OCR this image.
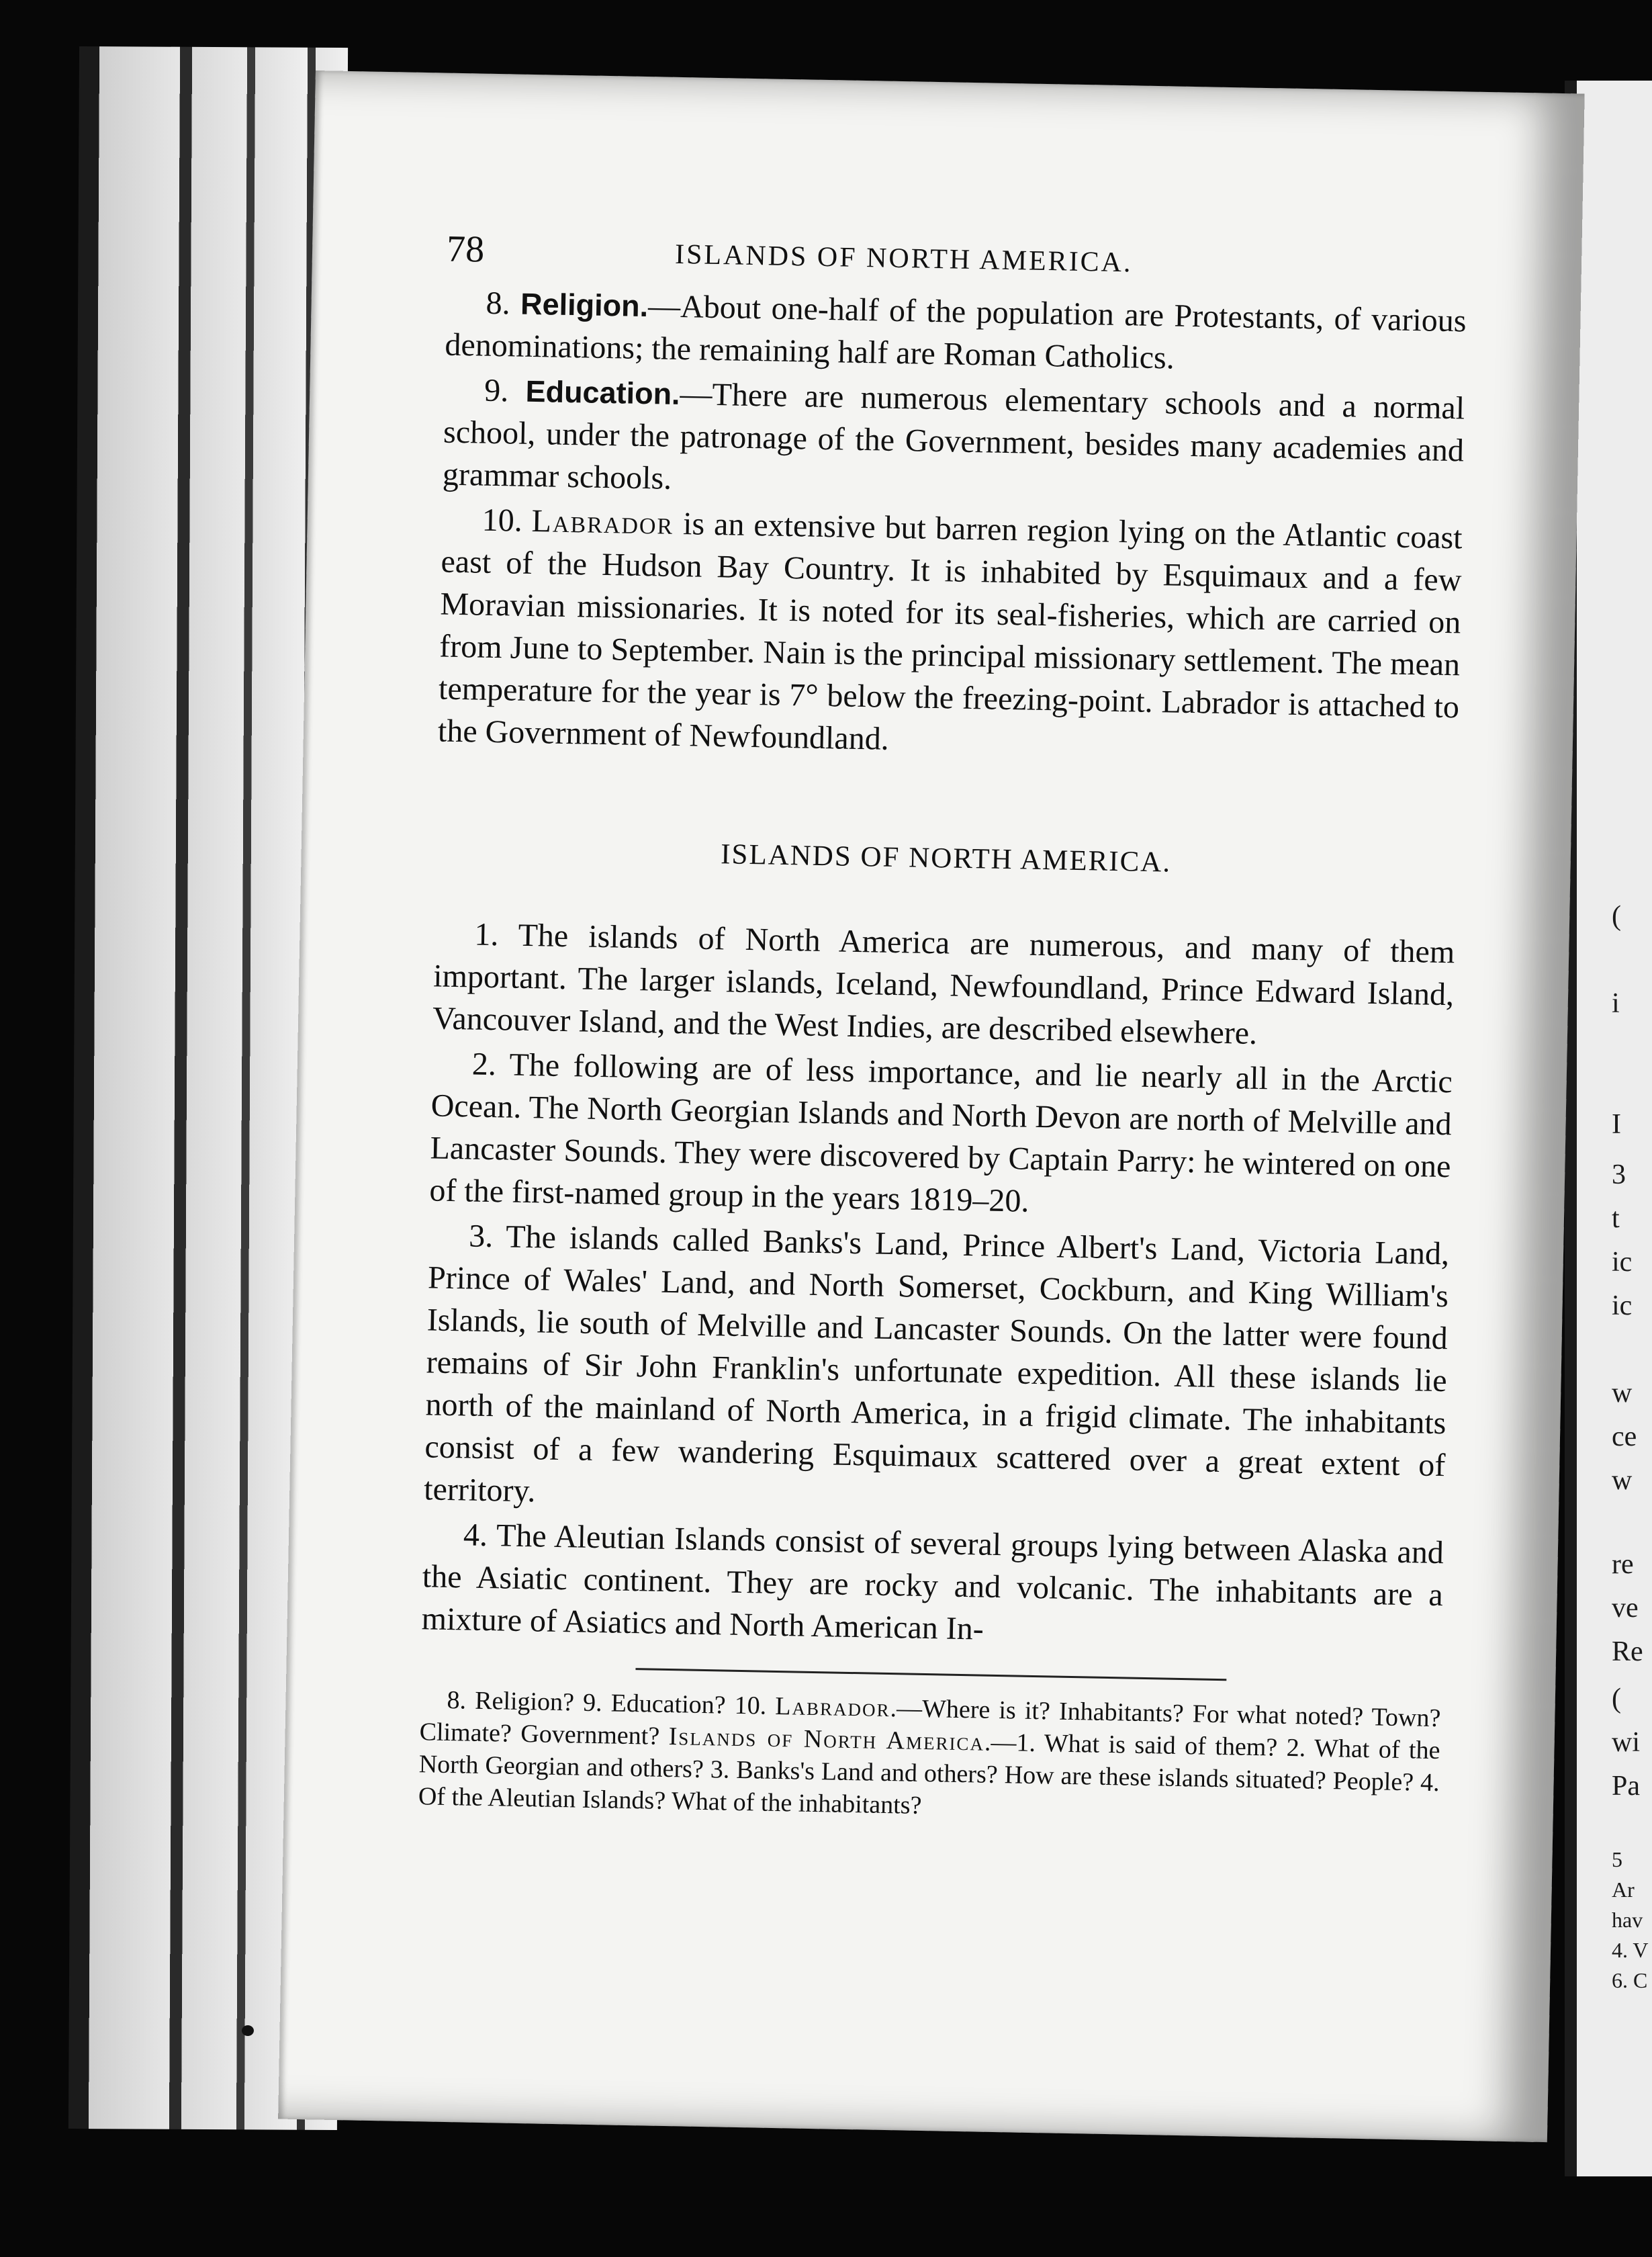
(
i
I
3
t
ic
ic
w
ce
w
re
ve
Re
(
wi
Pa
5
Ar
hav
4. V
6. C
78	ISLANDS OF NORTH AMERICA.

8. Religion.—About one-half of the population are Protestants, of various denominations; the remaining half are Roman Catholics.

9. Education.—There are numerous elementary schools and a normal school, under the patronage of the Government, besides many academies and grammar schools.

10. Labrador is an extensive but barren region lying on the Atlantic coast east of the Hudson Bay Country. It is inhabited by Esquimaux and a few Moravian missionaries. It is noted for its seal-fisheries, which are carried on from June to September. Nain is the principal missionary settlement. The mean temperature for the year is 7° below the freezing-point. Labrador is attached to the Government of Newfoundland.

ISLANDS OF NORTH AMERICA.

1. The islands of North America are numerous, and many of them important. The larger islands, Iceland, Newfoundland, Prince Edward Island, Vancouver Island, and the West Indies, are described elsewhere.

2. The following are of less importance, and lie nearly all in the Arctic Ocean. The North Georgian Islands and North Devon are north of Melville and Lancaster Sounds. They were discovered by Captain Parry: he wintered on one of the first-named group in the years 1819–20.

3. The islands called Banks's Land, Prince Albert's Land, Victoria Land, Prince of Wales' Land, and North Somerset, Cockburn, and King William's Islands, lie south of Melville and Lancaster Sounds. On the latter were found remains of Sir John Franklin's unfortunate expedition. All these islands lie north of the mainland of North America, in a frigid climate. The inhabitants consist of a few wandering Esquimaux scattered over a great extent of territory.

4. The Aleutian Islands consist of several groups lying between Alaska and the Asiatic continent. They are rocky and volcanic. The inhabitants are a mixture of Asiatics and North American In-

8. Religion? 9. Education? 10. Labrador.—Where is it? Inhabitants? For what noted? Town? Climate? Government? Islands of North America.—1. What is said of them? 2. What of the North Georgian and others? 3. Banks's Land and others? How are these islands situated? People? 4. Of the Aleutian Islands? What of the inhabitants?
